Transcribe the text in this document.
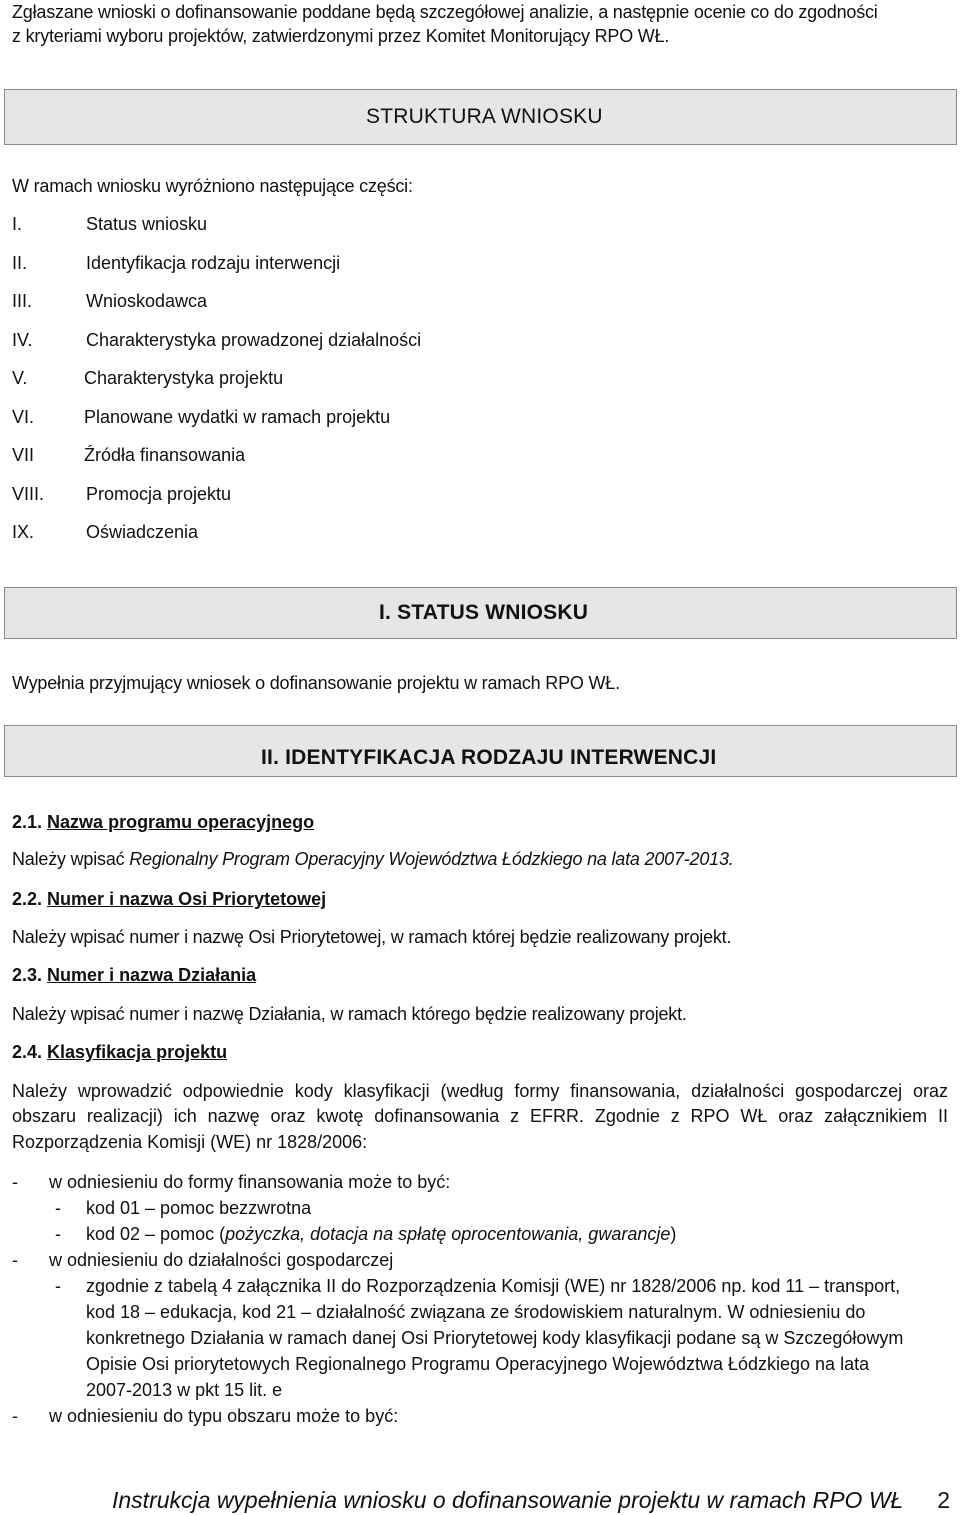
Zgłaszane wnioski o dofinansowanie poddane będą szczegółowej analizie, a następnie ocenie co do zgodności
z kryteriami wyboru projektów, zatwierdzonymi przez Komitet Monitorujący RPO WŁ.
STRUKTURA WNIOSKU
W ramach wniosku wyróżniono następujące części:
I.	Status wniosku
II.	Identyfikacja rodzaju interwencji
III.	Wnioskodawca
IV.	Charakterystyka prowadzonej działalności
V.	Charakterystyka projektu
VI.	Planowane wydatki w ramach projektu
VII	Źródła finansowania
VIII. Promocja projektu
IX.	Oświadczenia
I. STATUS WNIOSKU
Wypełnia przyjmujący wniosek o dofinansowanie projektu w ramach RPO WŁ.
II. IDENTYFIKACJA RODZAJU INTERWENCJI
2.1. Nazwa programu operacyjnego
Należy wpisać Regionalny Program Operacyjny Województwa Łódzkiego na lata 2007-2013.
2.2. Numer i nazwa Osi Priorytetowej
Należy wpisać numer i nazwę Osi Priorytetowej, w ramach której będzie realizowany projekt.
2.3. Numer i nazwa Działania
Należy wpisać numer i nazwę Działania, w ramach którego będzie realizowany projekt.
2.4. Klasyfikacja projektu
Należy wprowadzić odpowiednie kody klasyfikacji (według formy finansowania, działalności gospodarczej oraz
obszaru realizacji) ich nazwę oraz kwotę dofinansowania z EFRR. Zgodnie z RPO WŁ oraz załącznikiem II
Rozporządzenia Komisji (WE) nr 1828/2006:
- w odniesieniu do formy finansowania może to być:
- kod 01 – pomoc bezzwrotna
- kod 02 – pomoc (pożyczka, dotacja na spłatę oprocentowania, gwarancje)
- w odniesieniu do działalności gospodarczej
- zgodnie z tabelą 4 załącznika II do Rozporządzenia Komisji (WE) nr 1828/2006 np. kod 11 – transport,
kod 18 – edukacja, kod 21 – działalność związana ze środowiskiem naturalnym. W odniesieniu do
konkretnego Działania w ramach danej Osi Priorytetowej kody klasyfikacji podane są w Szczegółowym
Opisie Osi priorytetowych Regionalnego Programu Operacyjnego Województwa Łódzkiego na lata
2007-2013 w pkt 15 lit. e
- w odniesieniu do typu obszaru może to być:
Instrukcja wypełnienia wniosku o dofinansowanie projektu w ramach RPO WŁ 2
